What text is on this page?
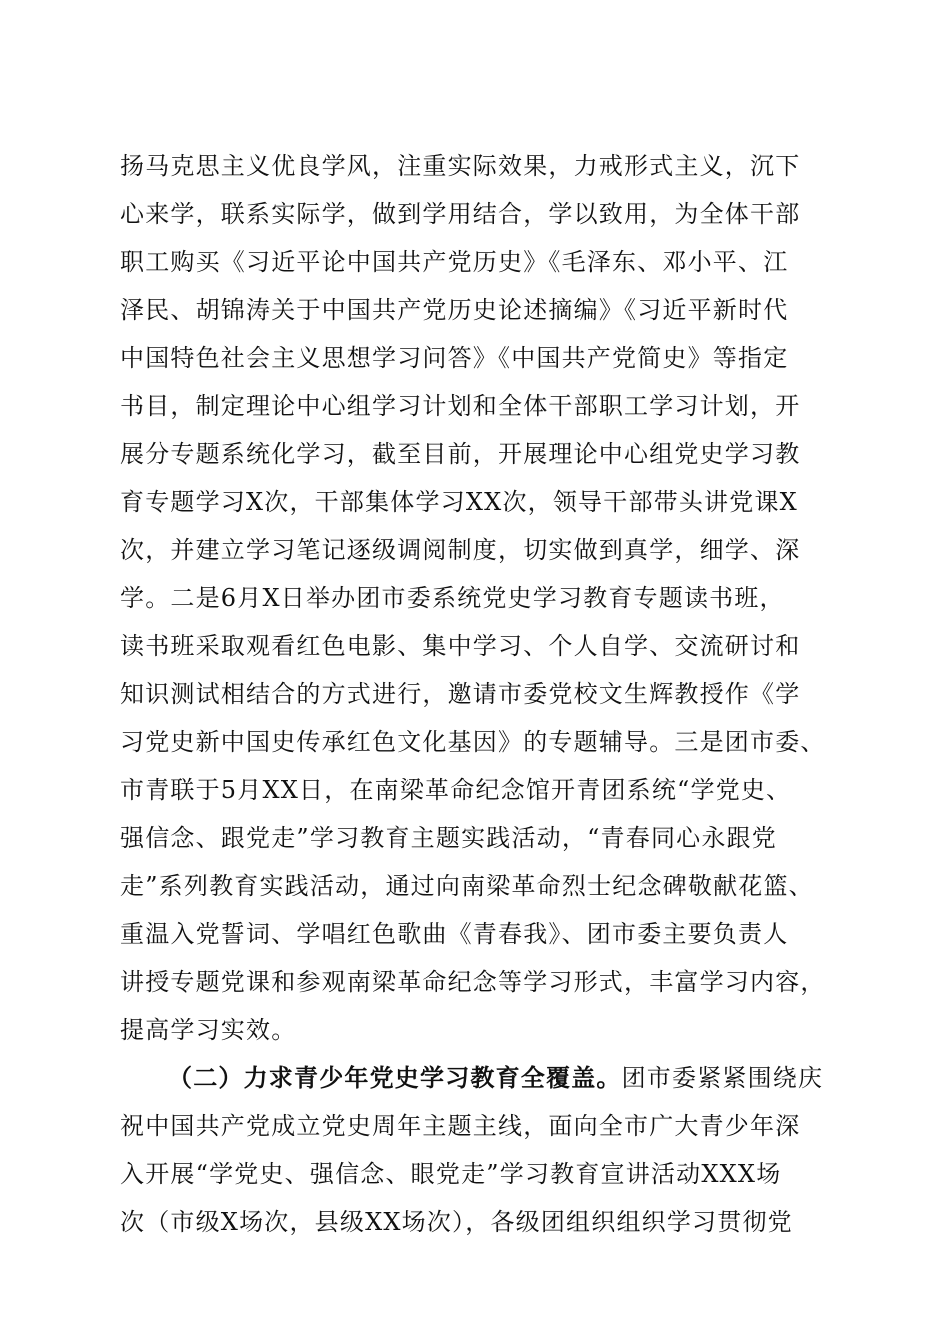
扬马克思主义优良学风，注重实际效果，力戒形式主义，沉下
心来学，联系实际学，做到学用结合，学以致用，为全体干部
职工购买《习近平论中国共产党历史》《毛泽东、邓小平、江
泽民、胡锦涛关于中国共产党历史论述摘编》《习近平新时代
中国特色社会主义思想学习问答》《中国共产党简史》等指定
书目，制定理论中心组学习计划和全体干部职工学习计划，开
展分专题系统化学习，截至目前，开展理论中心组党史学习教
育专题学习X次，干部集体学习XX次，领导干部带头讲党课X
次，并建立学习笔记逐级调阅制度，切实做到真学，细学、深
学。二是6月X日举办团市委系统党史学习教育专题读书班，
读书班采取观看红色电影、集中学习、个人自学、交流研讨和
知识测试相结合的方式进行，邀请市委党校文生辉教授作《学
习党史新中国史传承红色文化基因》的专题辅导。三是团市委、
市青联于5月XX日，在南梁革命纪念馆开青团系统“学党史、
强信念、跟党走”学习教育主题实践活动，“青春同心永跟党
走”系列教育实践活动，通过向南梁革命烈士纪念碑敬献花篮、
重温入党誓词、学唱红色歌曲《青春我》、团市委主要负责人
讲授专题党课和参观南梁革命纪念等学习形式，丰富学习内容，
提高学习实效。
（二）力求青少年党史学习教育全覆盖。团市委紧紧围绕庆
祝中国共产党成立党史周年主题主线，面向全市广大青少年深
入开展“学党史、强信念、眼党走”学习教育宣讲活动XXX场
次（市级X场次，县级XX场次），各级团组织组织学习贯彻党
